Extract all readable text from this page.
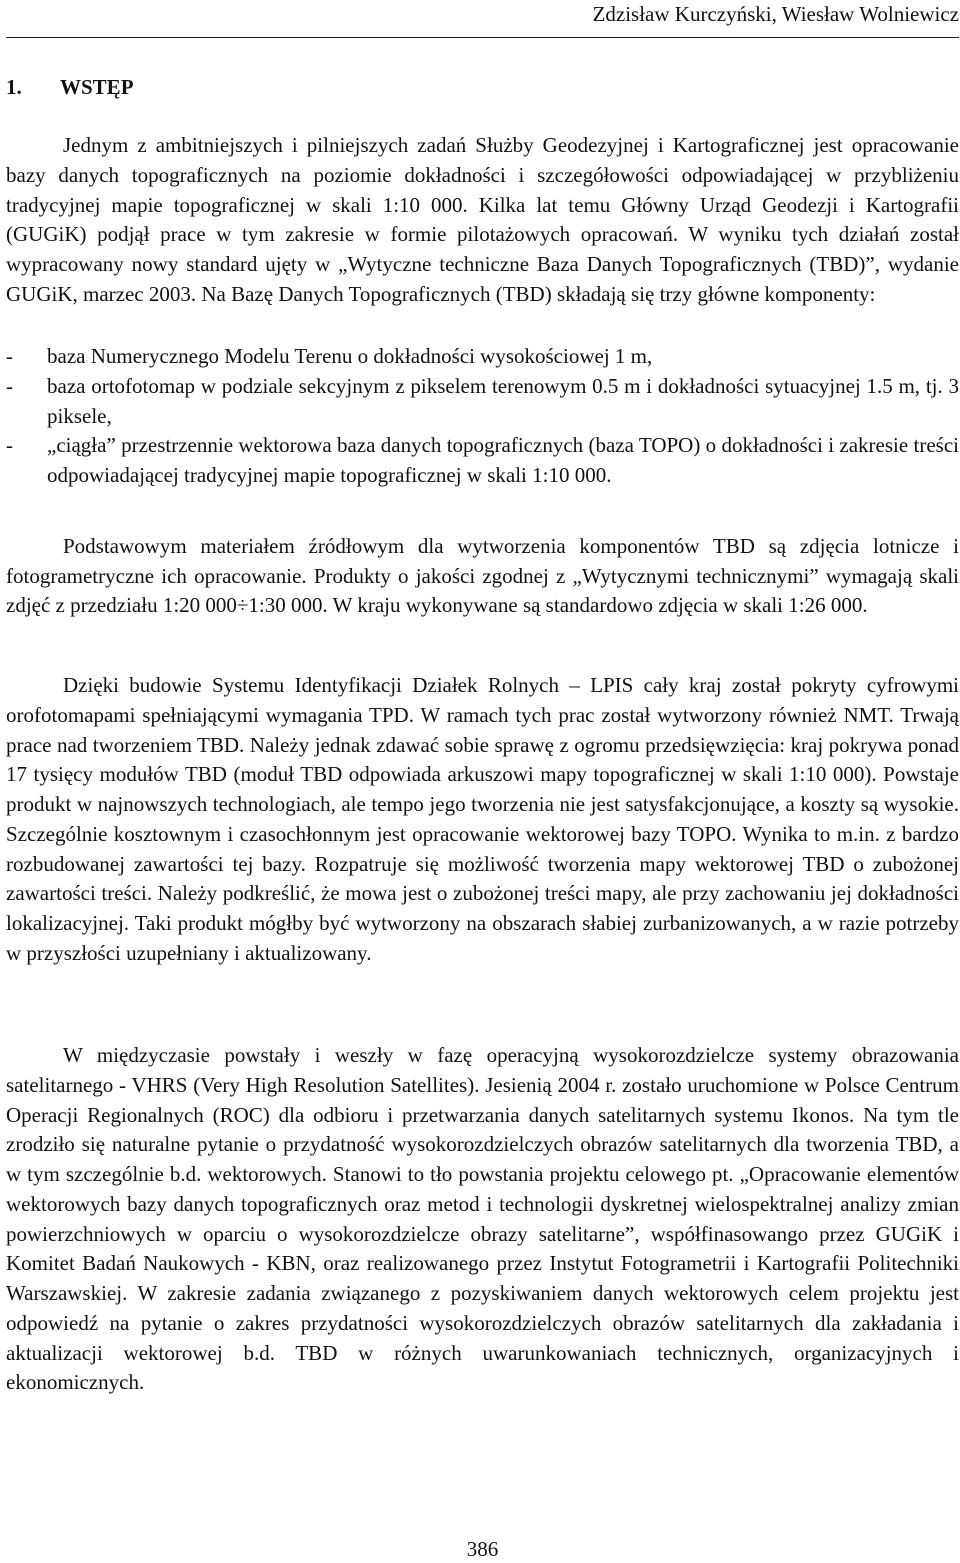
Zdzisław Kurczyński, Wiesław Wolniewicz
1. WSTĘP

Jednym z ambitniejszych i pilniejszych zadań Służby Geodezyjnej i Kartograficznej jest opracowanie bazy danych topograficznych na poziomie dokładności i szczegółowości odpowiadającej w przybliżeniu tradycyjnej mapie topograficznej w skali 1:10 000. Kilka lat temu Główny Urząd Geodezji i Kartografii (GUGiK) podjął prace w tym zakresie w formie pilotażowych opracowań. W wyniku tych działań został wypracowany nowy standard ujęty w „Wytyczne techniczne Baza Danych Topograficznych (TBD)”, wydanie GUGiK, marzec 2003. Na Bazę Danych Topograficznych (TBD) składają się trzy główne komponenty:

- baza Numerycznego Modelu Terenu o dokładności wysokościowej 1 m,
- baza ortofotomap w podziale sekcyjnym z pikselem terenowym 0.5 m i dokładności sytuacyjnej 1.5 m, tj. 3 piksele,
- „ciągła” przestrzennie wektorowa baza danych topograficznych (baza TOPO) o dokładności i zakresie treści odpowiadającej tradycyjnej mapie topograficznej w skali 1:10 000.

Podstawowym materiałem źródłowym dla wytworzenia komponentów TBD są zdjęcia lotnicze i fotogrametryczne ich opracowanie. Produkty o jakości zgodnej z „Wytycznymi technicznymi” wymagają skali zdjęć z przedziału 1:20 000÷1:30 000. W kraju wykonywane są standardowo zdjęcia w skali 1:26 000.

Dzięki budowie Systemu Identyfikacji Działek Rolnych – LPIS cały kraj został pokryty cyfrowymi orofotomapami spełniającymi wymagania TPD. W ramach tych prac został wytworzony również NMT. Trwają prace nad tworzeniem TBD. Należy jednak zdawać sobie sprawę z ogromu przedsięwzięcia: kraj pokrywa ponad 17 tysięcy modułów TBD (moduł TBD odpowiada arkuszowi mapy topograficznej w skali 1:10 000). Powstaje produkt w najnowszych technologiach, ale tempo jego tworzenia nie jest satysfakcjonujące, a koszty są wysokie. Szczególnie kosztownym i czasochłonnym jest opracowanie wektorowej bazy TOPO. Wynika to m.in. z bardzo rozbudowanej zawartości tej bazy. Rozpatruje się możliwość tworzenia mapy wektorowej TBD o zubożonej zawartości treści. Należy podkreślić, że mowa jest o zubożonej treści mapy, ale przy zachowaniu jej dokładności lokalizacyjnej. Taki produkt mógłby być wytworzony na obszarach słabiej zurbanizowanych, a w razie potrzeby w przyszłości uzupełniany i aktualizowany.

W międzyczasie powstały i weszły w fazę operacyjną wysokorozdzielcze systemy obrazowania satelitarnego - VHRS (Very High Resolution Satellites). Jesienią 2004 r. zostało uruchomione w Polsce Centrum Operacji Regionalnych (ROC) dla odbioru i przetwarzania danych satelitarnych systemu Ikonos. Na tym tle zrodziło się naturalne pytanie o przydatność wysokorozdzielczych obrazów satelitarnych dla tworzenia TBD, a w tym szczególnie b.d. wektorowych. Stanowi to tło powstania projektu celowego pt. „Opracowanie elementów wektorowych bazy danych topograficznych oraz metod i technologii dyskretnej wielospektralnej analizy zmian powierzchniowych w oparciu o wysokorozdzielcze obrazy satelitarne”, współfinasowango przez GUGiK i Komitet Badań Naukowych - KBN, oraz realizowanego przez Instytut Fotogrametrii i Kartografii Politechniki Warszawskiej. W zakresie zadania związanego z pozyskiwaniem danych wektorowych celem projektu jest odpowiedź na pytanie o zakres przydatności wysokorozdzielczych obrazów satelitarnych dla zakładania i aktualizacji wektorowej b.d. TBD w różnych uwarunkowaniach technicznych, organizacyjnych i ekonomicznych.

386
